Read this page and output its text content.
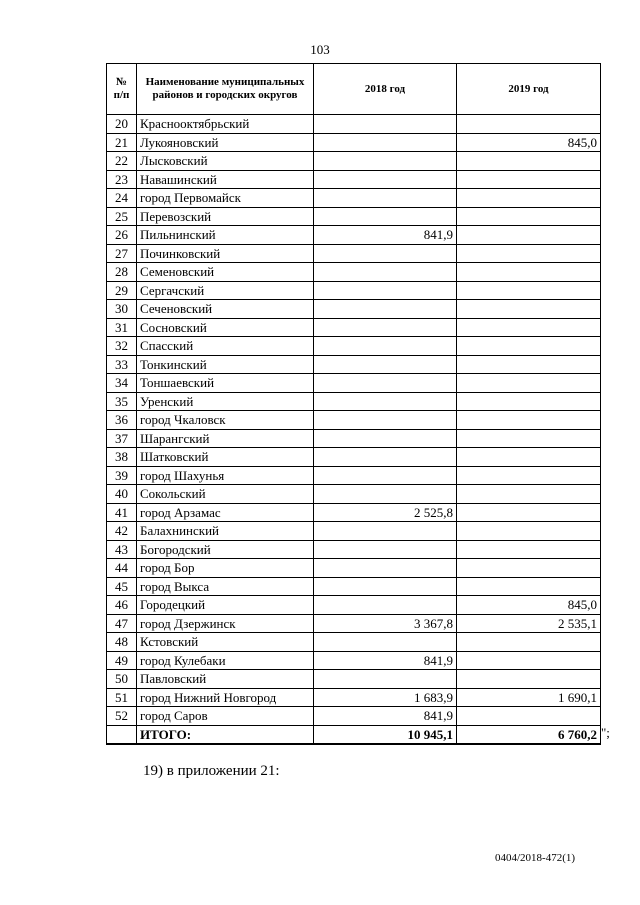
103
№ п/п	Наименование муниципальных районов и городских округов	2018 год	2019 год
20	Краснооктябрьский		
21	Лукояновский		845,0
22	Лысковский		
23	Навашинский		
24	город Первомайск		
25	Перевозский		
26	Пильнинский	841,9	
27	Починковский		
28	Семеновский		
29	Сергачский		
30	Сеченовский		
31	Сосновский		
32	Спасский		
33	Тонкинский		
34	Тоншаевский		
35	Уренский		
36	город Чкаловск		
37	Шарангский		
38	Шатковский		
39	город Шахунья		
40	Сокольский		
41	город Арзамас	2 525,8	
42	Балахнинский		
43	Богородский		
44	город Бор		
45	город Выкса		
46	Городецкий		845,0
47	город Дзержинск	3 367,8	2 535,1
48	Кстовский		
49	город Кулебаки	841,9	
50	Павловский		
51	город Нижний Новгород	1 683,9	1 690,1
52	город Саров	841,9	
	ИТОГО:	10 945,1	6 760,2 ";
19) в приложении 21:
0404/2018-472(1)
